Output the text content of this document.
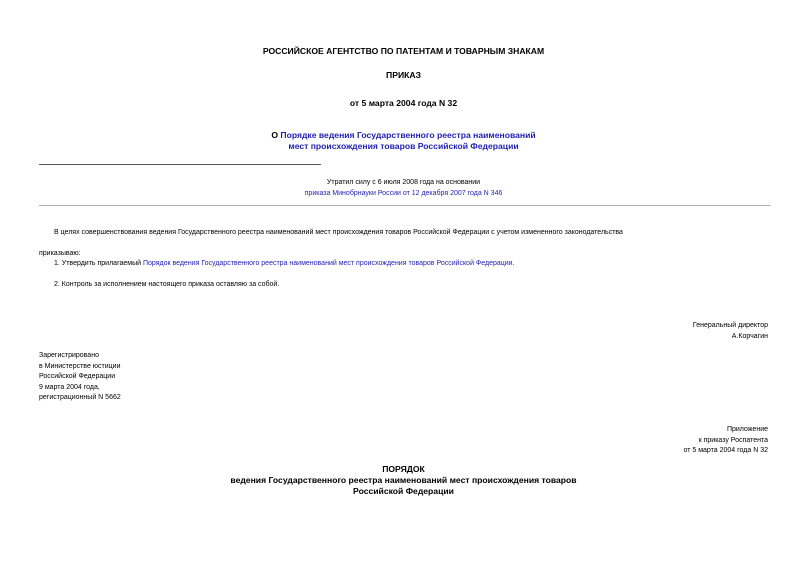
РОССИЙСКОЕ АГЕНТСТВО ПО ПАТЕНТАМ И ТОВАРНЫМ ЗНАКАМ
ПРИКАЗ
от 5 марта 2004 года N 32
О Порядке ведения Государственного реестра наименований
мест происхождения товаров Российской Федерации
Утратил силу с 6 июля 2008 года на основании
приказа Минобрнауки России от 12 декабря 2007 года N 346
В целях совершенствования ведения Государственного реестра наименований мест происхождения товаров Российской Федерации с учетом измененного законодательства
приказываю:
1. Утвердить прилагаемый Порядок ведения Государственного реестра наименований мест происхождения товаров Российской Федерации.
2. Контроль за исполнением настоящего приказа оставляю за собой.
Генеральный директор
А.Корчагин
Зарегистрировано
в Министерстве юстиции
Российской Федерации
9 марта 2004 года,
регистрационный N 5662
Приложение
к приказу Роспатента
от 5 марта 2004 года N 32
ПОРЯДОК
ведения Государственного реестра наименований мест происхождения товаров
Российской Федерации
